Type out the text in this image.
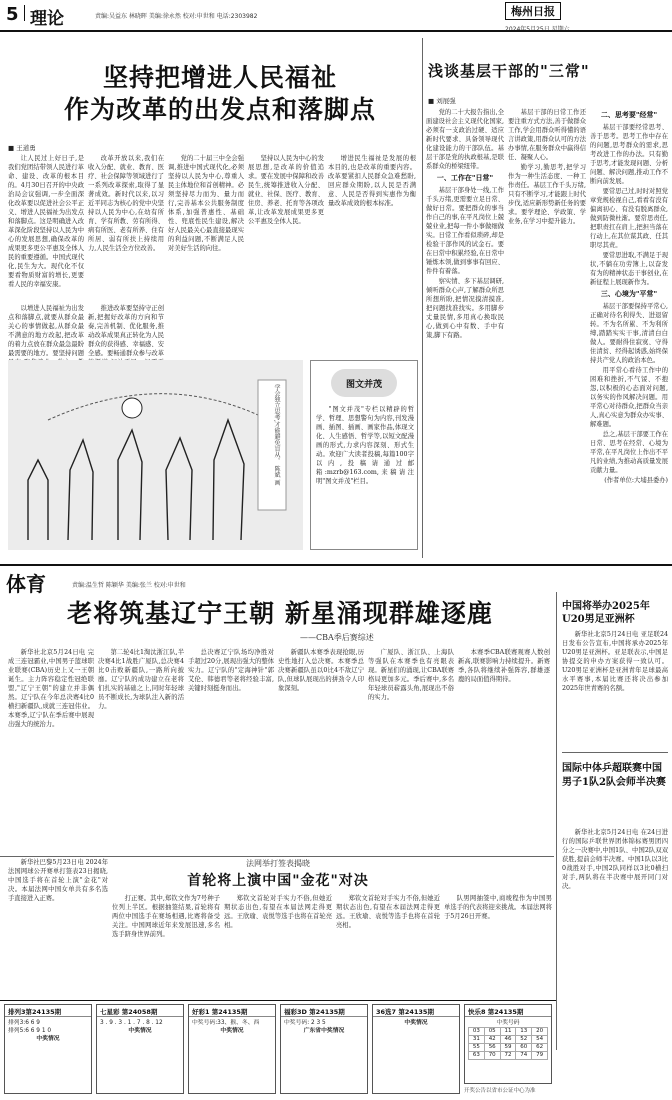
5 理论	责编:吴益东 林晓晖 美编:徐永然 校对:申世和 电话:2303982	梅州日报
坚持把增进人民福祉
作为改革的出发点和落脚点
■ 王道勇

让人民过上好日子,是我们党团结带领人民进行革命、建设、改革的根本目的。4月30日召开的中央政治局会议强调,一步全面深化改革要以促进社会公平正义、增进人民福祉为出发点和落脚点。这是明确进入改革深化阶段坚持以人民为中心的发展思想,确保改革的成果更多更公平惠及全体人民的重要遵循。中国式现代化,民生为大。现代化不仅要看物质财富的增长,更要看人民的幸福安康。

改革开放以来,我们在收入分配、就业、教育、医疗、社会保障等领域进行了一系列改革探索,取得了显著成效。新时代以来,以习近平同志为核心的党中央坚持以人民为中心,在幼有所育、学有所教、劳有所得、病有所医、老有所养、住有所居、弱有所扶上持续用力,人民生活全方位改善。

党的二十届三中全会强调,推进中国式现代化,必须坚持以人民为中心,尊重人民主体地位和首创精神。必须坚持尽力而为、量力而行,完善基本公共服务制度体系,加强普惠性、基础性、兜底性民生建设,解决好人民最关心最直接最现实的利益问题,不断满足人民对美好生活的向往。

坚持以人民为中心的发展思想,是改革的价值追求。要在发展中保障和改善民生,统筹推进收入分配、就业、社保、医疗、教育、住房、养老、托育等各项改革,让改革发展成果更多更公平惠及全体人民。

增进民生福祉是发展的根本目的,也是改革的重要内容。改革要紧扣人民群众急难愁盼,回应群众期盼,以人民是否满意、人民是否得到实惠作为衡量改革成效的根本标准。

以增进人民福祉为出发点和落脚点,就要从群众最关心的事情做起,从群众最不满意的地方改起,把改革的着力点放在群众最急最盼最需要的地方。要坚持问题

推进改革要坚持守正创新,把握好改革的方向和节奏,完善机制、优化服务,推动改革成果真正转化为人民群众的获得感、幸福感、安全感。要畅通群众参与改革

学会独立思考,才能避免盲从。 陈斌 画	图文并茂

"图文并茂"专栏以精辟的哲学、哲理、思想警句为内容,刊发漫画、插图、插画、画家作品,体现文化、人生感悟、哲学等,以短文配漫画的形式,力求内容深刻、形式生动。欢迎广大读者投稿,每篇100字以内,投稿请通过邮箱:mzrb@163.com,来稿请注明"图文并茂"栏目。

浅谈基层干部的"三常"
■ 刘展强

党的二十大报告指出,全面建设社会主义现代化国家,必须有一支政治过硬、适应新时代要求、具备领导现代化建设能力的干部队伍。基层干部是党的执政根基,是联系群众的桥梁纽带。

一、工作在"日常"

基层干部身处一线,工作千头万绪,更需要立足日常、做好日常。要把群众的事当作自己的事,在平凡岗位上兢兢业业,把每一件小事做细做实。日常工作看似琐碎,却是检验干部作风的试金石。要在日常中积累经验,在日常中锤炼本领,做到事事有回应、件件有着落。

察实情、多下基层调研,倾听群众心声,了解群众所思所想所盼,把情况摸清摸准,把问题找准找实。多用脚步丈量民情,多用真心换取民心,做到心中有数、手中有策,脚下有路。

基层干部的日常工作还要注重方式方法,善于做群众工作,学会用群众听得懂的语言讲政策,用群众认可的方法办事情,在服务群众中赢得信任、凝聚人心。

勤学习,勤思考,把学习作为一种生活态度、一种工作责任。基层工作千头万绪,只有不断学习,才能跟上时代步伐,适应新形势新任务的要求。要学理论、学政策、学业务,在学习中提升能力。

二、思考要"经常"

基层干部要经常思考、善于思考。思考工作中存在的问题,思考群众的需求,思考改进工作的办法。只有勤于思考,才能发现问题、分析问题、解决问题,推动工作不断向前发展。

要常思己过,时时对照党章党规检视自己,看看有没有偏离初心、有没有脱离群众,做到防微杜渐。要常思责任,把职责扛在肩上,把担当落在行动上,在其位谋其政、任其职尽其责。

要常思进取,不满足于现状,不躺在功劳簿上,以奋发有为的精神状态干事创业,在新征程上展现新作为。

三、心境为"平常"

基层干部要保持平常心,正确对待名利得失、进退留转。不为名所累、不为利所缚,踏踏实实干事,清清白白做人。要耐得住寂寞、守得住清贫、经得起诱惑,始终保持共产党人的政治本色。

用平常心看待工作中的困难和挫折,不气馁、不抱怨,以积极的心态面对问题,以务实的作风解决问题。用平常心对待群众,把群众当亲人,真心实意为群众办实事、解难题。

总之,基层干部要工作在日常、思考在经常、心境为平常,在平凡岗位上作出不平凡的业绩,为推动高质量发展贡献力量。

(作者单位:大埔县委办)
体育	责编:温生哲 陈颖华 美编:张兰 校对:申世和
老将筑基辽宁王朝 新星涌现群雄逐鹿
——CBA季后赛综述

新华社北京5月24日电 完成三连冠霸业,中国男子篮球职业联赛(CBA)历史上又一王朝诞生。主力阵容稳定性冠绝联盟,"辽宁王朝"的建立并非偶然。辽宁队在今年总决赛4比0横扫新疆队,成就三连冠伟业。本赛季,辽宁队在季后赛中展现出强大的统治力。

第二轮4比1淘汰浙江队,半决赛4比1战胜广厦队,总决赛4比0击败新疆队,一路所向披靡。辽宁队的成功建立在老将们扎实的基础之上,同时年轻球员不断成长,为球队注入新的活力。

总决赛辽宁队场均净胜对手超过20分,展现出强大的整体实力。辽宁队的"定海神针"郭艾伦、韩德君等老将经验丰富,关键时刻挺身而出。

新疆队本赛季表现抢眼,历史性地打入总决赛。本赛季总决赛新疆队虽以0比4不敌辽宁队,但球队展现出的拼劲令人印象深刻。

广厦队、浙江队、上海队等强队在本赛季也有亮眼表现。新星们的涌现,让CBA联赛格局更加多元。季后赛中,多名年轻球员崭露头角,展现出不俗的实力。

本赛季CBA联赛观赛人数创新高,联赛影响力持续提升。新赛季,各队将继续补强阵容,群雄逐鹿的局面值得期待。

中国将举办2025年U20男足亚洲杯

新华社北京5月24日电 亚足联24日发布公告宣布,中国将承办2025年U20男足亚洲杯。亚足联表示,中国足协提交的申办方案获得一致认可。U20男足亚洲杯是亚洲青年足球最高水平赛事,本届比赛还将决出参加2025年世青赛的名额。

国际中体乒超联赛中国男子1队2队会师半决赛

新华社北京5月24日电 在24日进行的国际乒联世界团体锦标赛男团四分之一决赛中,中国1队、中国2队双双获胜,提前会师半决赛。中国1队以3比0战胜对手,中国2队同样以3比0横扫对手,两队将在半决赛中展开同门对决。

法网举打签表揭晓
首轮将上演中国"金花"对决

新华社巴黎5月23日电 2024年法国网球公开赛单打签表23日揭晓,中国选手将在首轮上演"金花"对决。本届法网中国女单共有多名选手直接进入正赛。	打正赛。其中,郑钦文作为7号种子位列上半区。根据抽签结果,首轮将有两位中国选手在赛场相遇,比赛将备受关注。中国网球近年来发展迅速,多名选手跻身世界前列。

郑钦文首轮对手实力不俗,但她近期状态出色,有望在本届法网走得更远。王欣瑜、袁悦等选手也将在首轮亮相。

队男网抽签中,商竣程作为中国男单选手的代表将迎来挑战。本届法网将于5月26日开赛。

郑钦文首轮对手实力不俗,但她近期状态出色,有望在本届法网走得更远。王欣瑜、袁悦等选手也将在首轮亮相。

排列3第24135期
排列3:6 6 9
排列5:6 6 9 1 0
中奖情况
七星彩 第24058期
3 . 9 . 3 . 1 . 7 . 8 . 12
中奖情况
好彩1 第24135期
中奖号码:33、猴、冬、西
中奖情况
福彩3D 第24135期
中奖号码: 2 3 5
广东省中奖情况
36选7 第24135期
中奖情况
快乐8 第24135期
中奖号码
03	05	11	13	20
31	42	46	52	54
55	56	59	60	62
63	70	72	74	79
开奖公告以省市公证中心为准
